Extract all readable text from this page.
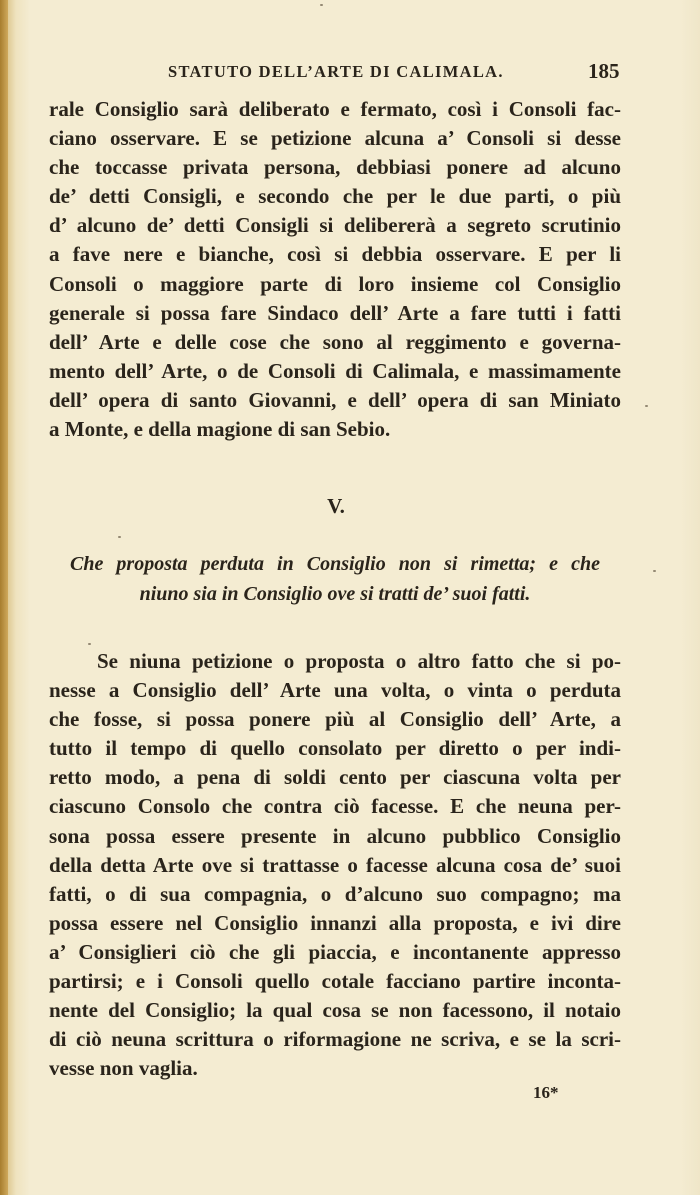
STATUTO DELL’ARTE DI CALIMALA.	185
rale Consiglio sarà deliberato e fermato, così i Consoli fac-
ciano osservare. E se petizione alcuna a’ Consoli si desse
che toccasse privata persona, debbiasi ponere ad alcuno
de’ detti Consigli, e secondo che per le due parti, o più
d’ alcuno de’ detti Consigli si delibererà a segreto scrutinio
a fave nere e bianche, così si debbia osservare. E per li
Consoli o maggiore parte di loro insieme col Consiglio
generale si possa fare Sindaco dell’ Arte a fare tutti i fatti
dell’ Arte e delle cose che sono al reggimento e governa-
mento dell’ Arte, o de Consoli di Calimala, e massimamente
dell’ opera di santo Giovanni, e dell’ opera di san Miniato
a Monte, e della magione di san Sebio.
V.
Che proposta perduta in Consiglio non si rimetta; e che
niuno sia in Consiglio ove si tratti de’ suoi fatti.
Se niuna petizione o proposta o altro fatto che si po-
nesse a Consiglio dell’ Arte una volta, o vinta o perduta
che fosse, si possa ponere più al Consiglio dell’ Arte, a
tutto il tempo di quello consolato per diretto o per indi-
retto modo, a pena di soldi cento per ciascuna volta per
ciascuno Consolo che contra ciò facesse. E che neuna per-
sona possa essere presente in alcuno pubblico Consiglio
della detta Arte ove si trattasse o facesse alcuna cosa de’ suoi
fatti, o di sua compagnia, o d’alcuno suo compagno; ma
possa essere nel Consiglio innanzi alla proposta, e ivi dire
a’ Consiglieri ciò che gli piaccia, e incontanente appresso
partirsi; e i Consoli quello cotale facciano partire inconta-
nente del Consiglio; la qual cosa se non facessono, il notaio
di ciò neuna scrittura o riformagione ne scriva, e se la scri-
vesse non vaglia.
16*
